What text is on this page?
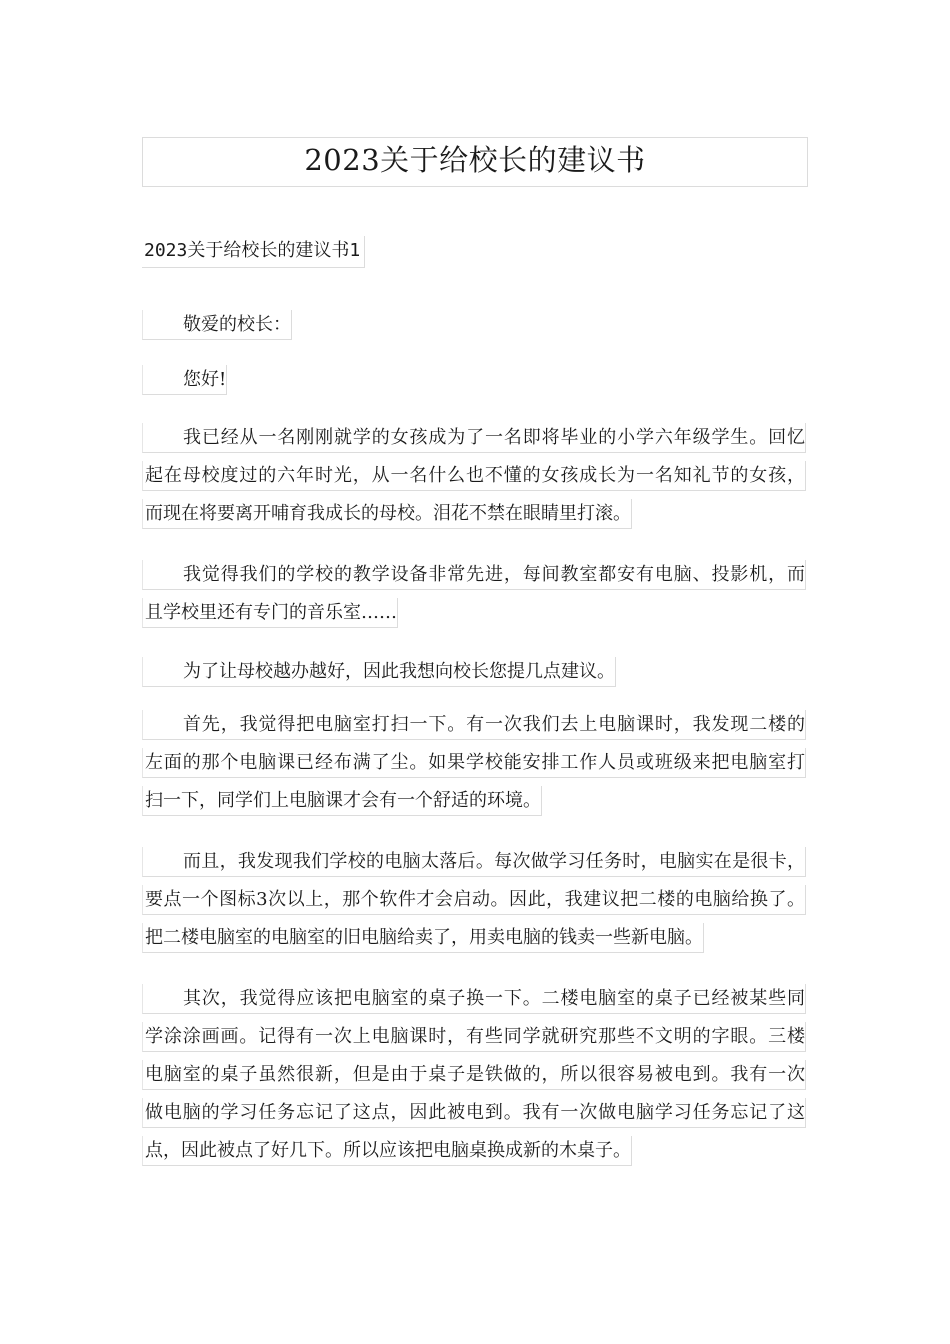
2023关于给校长的建议书
2023关于给校长的建议书1
敬爱的校长：
您好!
我已经从一名刚刚就学的女孩成为了一名即将毕业的小学六年级学生。回忆
起在母校度过的六年时光，从一名什么也不懂的女孩成长为一名知礼节的女孩，
而现在将要离开哺育我成长的母校。泪花不禁在眼睛里打滚。
我觉得我们的学校的教学设备非常先进，每间教室都安有电脑、投影机，而
且学校里还有专门的音乐室……
为了让母校越办越好，因此我想向校长您提几点建议。
首先，我觉得把电脑室打扫一下。有一次我们去上电脑课时，我发现二楼的
左面的那个电脑课已经布满了尘。如果学校能安排工作人员或班级来把电脑室打
扫一下，同学们上电脑课才会有一个舒适的环境。
而且，我发现我们学校的电脑太落后。每次做学习任务时，电脑实在是很卡，
要点一个图标3次以上，那个软件才会启动。因此，我建议把二楼的电脑给换了。
把二楼电脑室的电脑室的旧电脑给卖了，用卖电脑的钱卖一些新电脑。
其次，我觉得应该把电脑室的桌子换一下。二楼电脑室的桌子已经被某些同
学涂涂画画。记得有一次上电脑课时，有些同学就研究那些不文明的字眼。三楼
电脑室的桌子虽然很新，但是由于桌子是铁做的，所以很容易被电到。我有一次
做电脑的学习任务忘记了这点，因此被电到。我有一次做电脑学习任务忘记了这
点，因此被点了好几下。所以应该把电脑桌换成新的木桌子。
